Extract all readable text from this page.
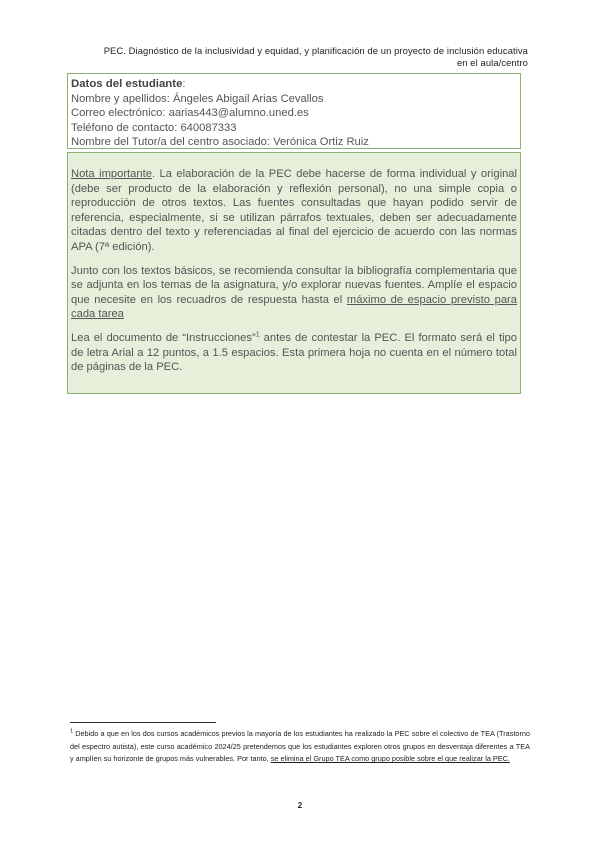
PEC. Diagnóstico de la inclusividad y equidad, y planificación de un proyecto de inclusión educativa
en el aula/centro
Datos del estudiante:
Nombre y apellidos: Ángeles Abigail Arias Cevallos
Correo electrónico: aarias443@alumno.uned.es
Teléfono de contacto: 640087333
Nombre del Tutor/a del centro asociado: Verónica Ortiz Ruiz

Nota importante. La elaboración de la PEC debe hacerse de forma individual y original (debe ser producto de la elaboración y reflexión personal), no una simple copia o reproducción de otros textos. Las fuentes consultadas que hayan podido servir de referencia, especialmente, si se utilizan párrafos textuales, deben ser adecuadamente citadas dentro del texto y referenciadas al final del ejercicio de acuerdo con las normas APA (7ª edición).

Junto con los textos básicos, se recomienda consultar la bibliografía complementaria que se adjunta en los temas de la asignatura, y/o explorar nuevas fuentes. Amplíe el espacio que necesite en los recuadros de respuesta hasta el máximo de espacio previsto para cada tarea

Lea el documento de “Instrucciones”$^1$ antes de contestar la PEC. El formato será el tipo de letra Arial a 12 puntos, a 1.5 espacios. Esta primera hoja no cuenta en el número total de páginas de la PEC.

$^1$ Debido a que en los dos cursos académicos previos la mayoría de los estudiantes ha realizado la PEC sobre el colectivo de TEA (Trastorno del espectro autista), este curso académico 2024/25 pretendemos que los estudiantes exploren otros grupos en desventaja diferentes a TEA y amplíen su horizonte de grupos más vulnerables. Por tanto, se elimina el Grupo TEA como grupo posible sobre el que realizar la PEC.
2
